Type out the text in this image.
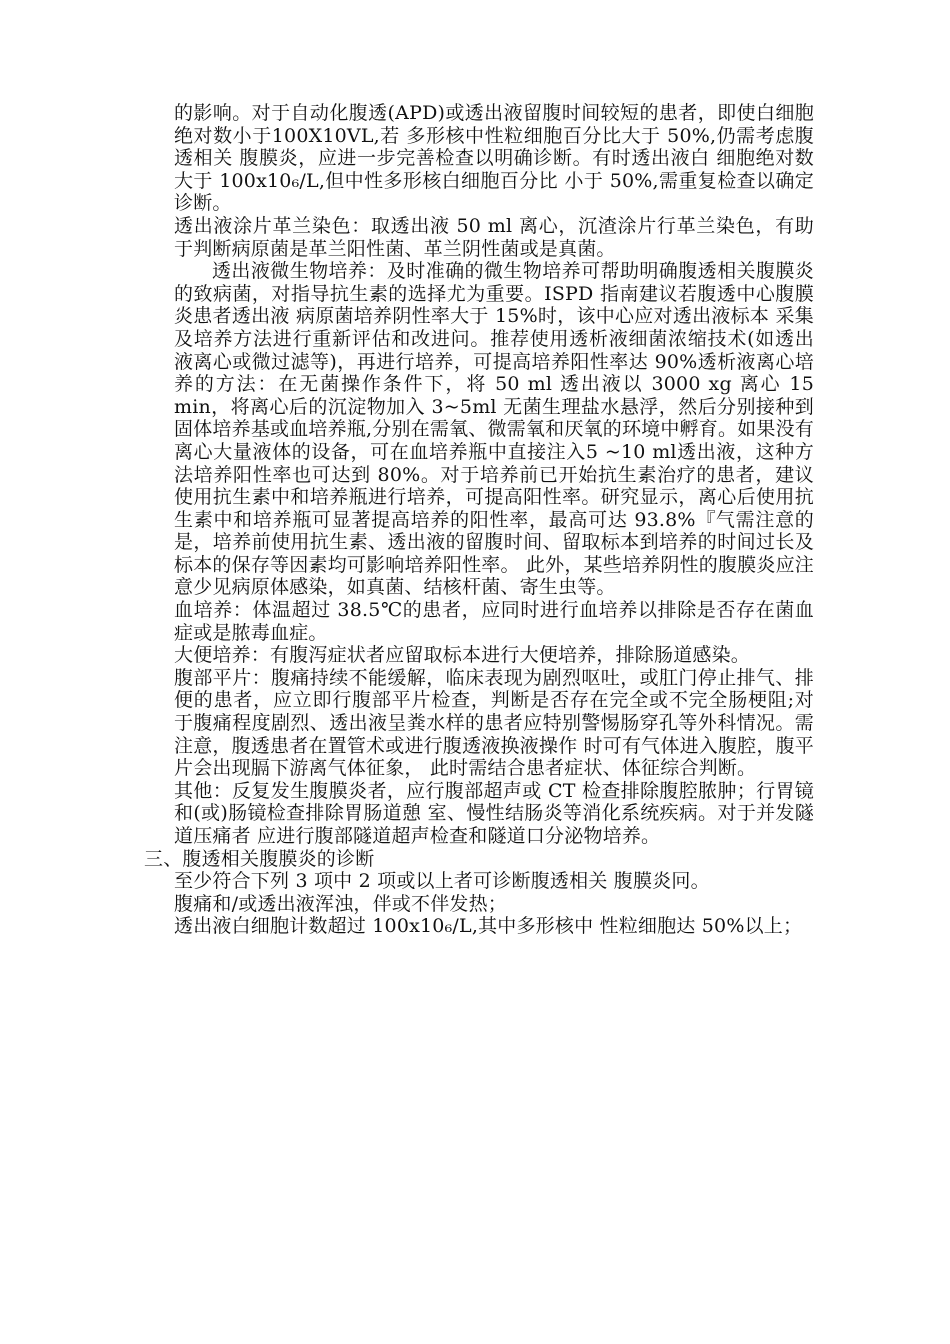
的影响。对于自动化腹透(APD)或透出液留腹时间较短的患者，即使白细胞绝对数小于100X10VL,若 多形核中性粒细胞百分比大于 50%,仍需考虑腹透相关 腹膜炎，应进一步完善检查以明确诊断。有时透出液白 细胞绝对数大于 100x10₆/L,但中性多形核白细胞百分比 小于 50%,需重复检查以确定诊断。

透出液涂片革兰染色：取透出液 50 ml 离心，沉渣涂片行革兰染色，有助于判断病原菌是革兰阳性菌、革兰阴性菌或是真菌。

透出液微生物培养：及时准确的微生物培养可帮助明确腹透相关腹膜炎的致病菌，对指导抗生素的选择尤为重要。ISPD 指南建议若腹透中心腹膜炎患者透出液 病原菌培养阴性率大于 15%时，该中心应对透出液标本 采集及培养方法进行重新评估和改进问。推荐使用透析液细菌浓缩技术(如透出液离心或微过滤等)，再进行培养，可提高培养阳性率达 90%透析液离心培养的方法：在无菌操作条件下，将 50 ml 透出液以 3000 xg 离心 15 min，将离心后的沉淀物加入 3~5ml 无菌生理盐水悬浮，然后分别接种到固体培养基或血培养瓶,分别在需氧、微需氧和厌氧的环境中孵育。如果没有离心大量液体的设备，可在血培养瓶中直接注入5 ~10 ml透出液，这种方法培养阳性率也可达到 80%。对于培养前已开始抗生素治疗的患者，建议使用抗生素中和培养瓶进行培养，可提高阳性率。研究显示，离心后使用抗生素中和培养瓶可显著提高培养的阳性率，最高可达 93.8%『气需注意的是，培养前使用抗生素、透出液的留腹时间、留取标本到培养的时间过长及标本的保存等因素均可影响培养阳性率。 此外，某些培养阴性的腹膜炎应注意少见病原体感染，如真菌、结核杆菌、寄生虫等。

血培养：体温超过 38.5℃的患者，应同时进行血培养以排除是否存在菌血症或是脓毒血症。

大便培养：有腹泻症状者应留取标本进行大便培养，排除肠道感染。

腹部平片：腹痛持续不能缓解，临床表现为剧烈呕吐，或肛门停止排气、排便的患者，应立即行腹部平片检查，判断是否存在完全或不完全肠梗阻;对于腹痛程度剧烈、透出液呈粪水样的患者应特别警惕肠穿孔等外科情况。需注意，腹透患者在置管术或进行腹透液换液操作 时可有气体进入腹腔，腹平片会出现膈下游离气体征象， 此时需结合患者症状、体征综合判断。

其他：反复发生腹膜炎者，应行腹部超声或 CT 检查排除腹腔脓肿；行胃镜和(或)肠镜检查排除胃肠道憩 室、慢性结肠炎等消化系统疾病。对于并发隧道压痛者 应进行腹部隧道超声检查和隧道口分泌物培养。

三、腹透相关腹膜炎的诊断

至少符合下列 3 项中 2 项或以上者可诊断腹透相关 腹膜炎冋。

腹痛和/或透出液浑浊，伴或不伴发热；

透出液白细胞计数超过 100x10₆/L,其中多形核中 性粒细胞达 50%以上；
